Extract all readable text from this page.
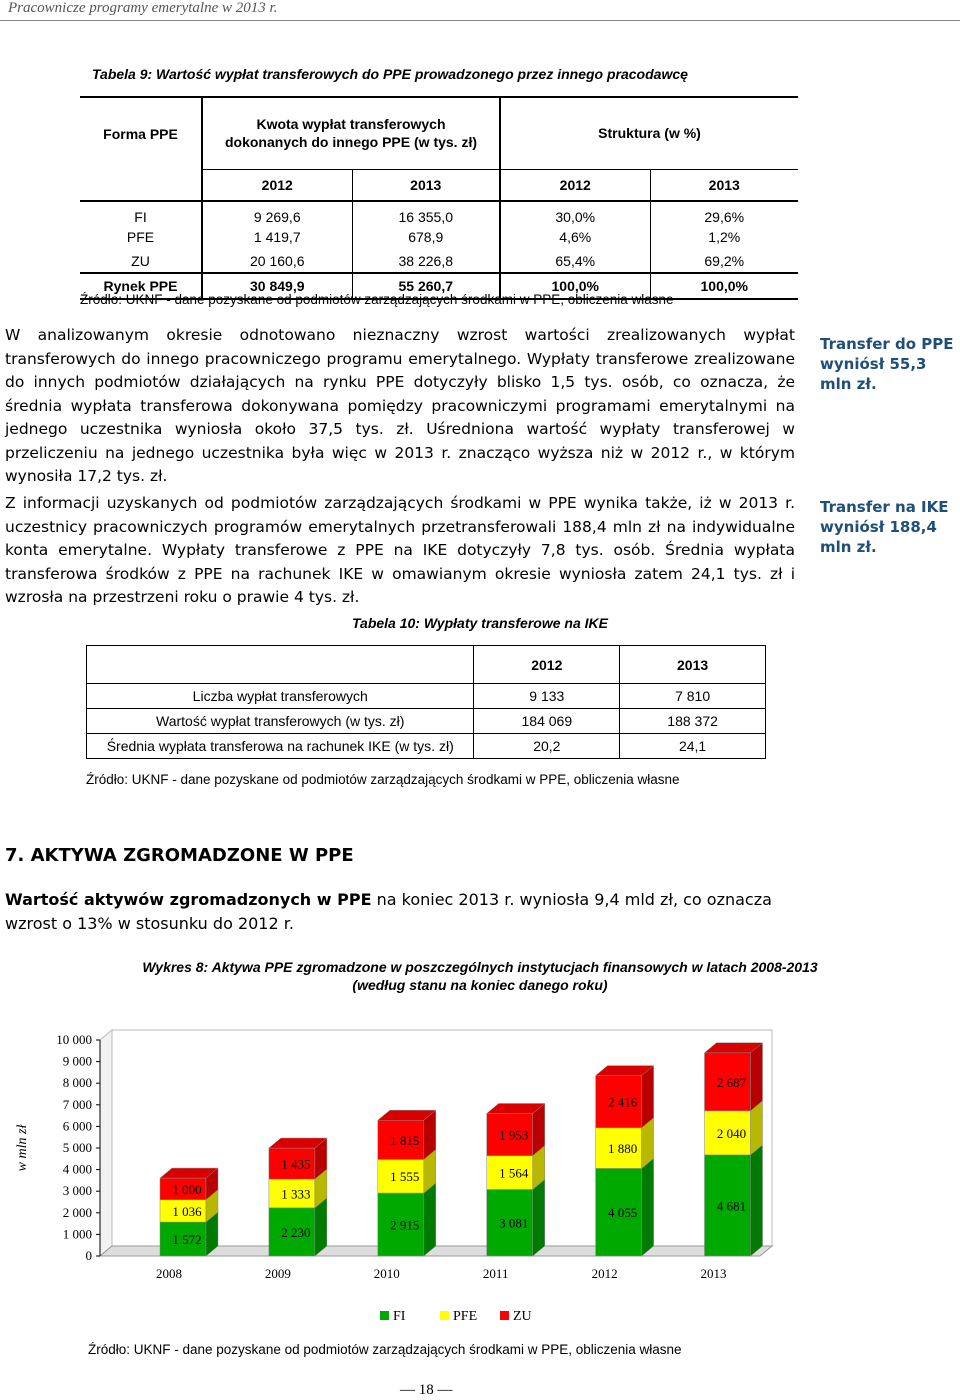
Pracownicze programy emerytalne w 2013 r.
Tabela 9: Wartość wypłat transferowych do PPE prowadzonego przez innego pracodawcę
Forma PPE	Kwota wypłat transferowych dokonanych do innego PPE (w tys. zł)		Struktura (w %)	

	2012	2013	2012	2013
FI	9 269,6	16 355,0	30,0%	29,6%
PFE	1 419,7	678,9	4,6%	1,2%
ZU	20 160,6	38 226,8	65,4%	69,2%
Rynek PPE	30 849,9	55 260,7	100,0%	100,0%
Źródło: UKNF - dane pozyskane od podmiotów zarządzających środkami w PPE, obliczenia własne
W analizowanym okresie odnotowano nieznaczny wzrost wartości zrealizowanych wypłat transferowych do innego pracowniczego programu emerytalnego. Wypłaty transferowe zrealizowane do innych podmiotów działających na rynku PPE dotyczyły blisko 1,5 tys. osób, co oznacza, że średnia wypłata transferowa dokonywana pomiędzy pracowniczymi programami emerytalnymi na jednego uczestnika wyniosła około 37,5 tys. zł. Uśredniona wartość wypłaty transferowej w przeliczeniu na jednego uczestnika była więc w 2013 r. znacząco wyższa niż w 2012 r., w którym wynosiła 17,2 tys. zł.
Transfer do PPE wyniósł 55,3 mln zł.
Z informacji uzyskanych od podmiotów zarządzających środkami w PPE wynika także, iż w 2013 r. uczestnicy pracowniczych programów emerytalnych przetransferowali 188,4 mln zł na indywidualne konta emerytalne. Wypłaty transferowe z PPE na IKE dotyczyły 7,8 tys. osób. Średnia wypłata transferowa środków z PPE na rachunek IKE w omawianym okresie wyniosła zatem 24,1 tys. zł i wzrosła na przestrzeni roku o prawie 4 tys. zł.
Transfer na IKE wyniósł 188,4 mln zł.
Tabela 10: Wypłaty transferowe na IKE
	2012	2013
Liczba wypłat transferowych	9 133	7 810
Wartość wypłat transferowych (w tys. zł)	184 069	188 372
Średnia wypłata transferowa na rachunek IKE (w tys. zł)	20,2	24,1
Źródło: UKNF - dane pozyskane od podmiotów zarządzających środkami w PPE, obliczenia własne
7. AKTYWA ZGROMADZONE W PPE
Wartość aktywów zgromadzonych w PPE na koniec 2013 r. wyniosła 9,4 mld zł, co oznacza wzrost o 13% w stosunku do 2012 r.
Wykres 8: Aktywa PPE zgromadzone w poszczególnych instytucjach finansowych w latach 2008-2013
(według stanu na koniec danego roku)
0
1 000
2 000
3 000
4 000
5 000
6 000
7 000
8 000
9 000
10 000
w mln zł
1 572
1 036
1 000
2008
2 230
1 333
1 435
2009
2 915
1 555
1 815
2010
3 081
1 564
1 953
2011
4 055
1 880
2 416
2012
4 681
2 040
2 687
2013
FI	PFE	ZU
Źródło: UKNF - dane pozyskane od podmiotów zarządzających środkami w PPE, obliczenia własne
— 18 —
